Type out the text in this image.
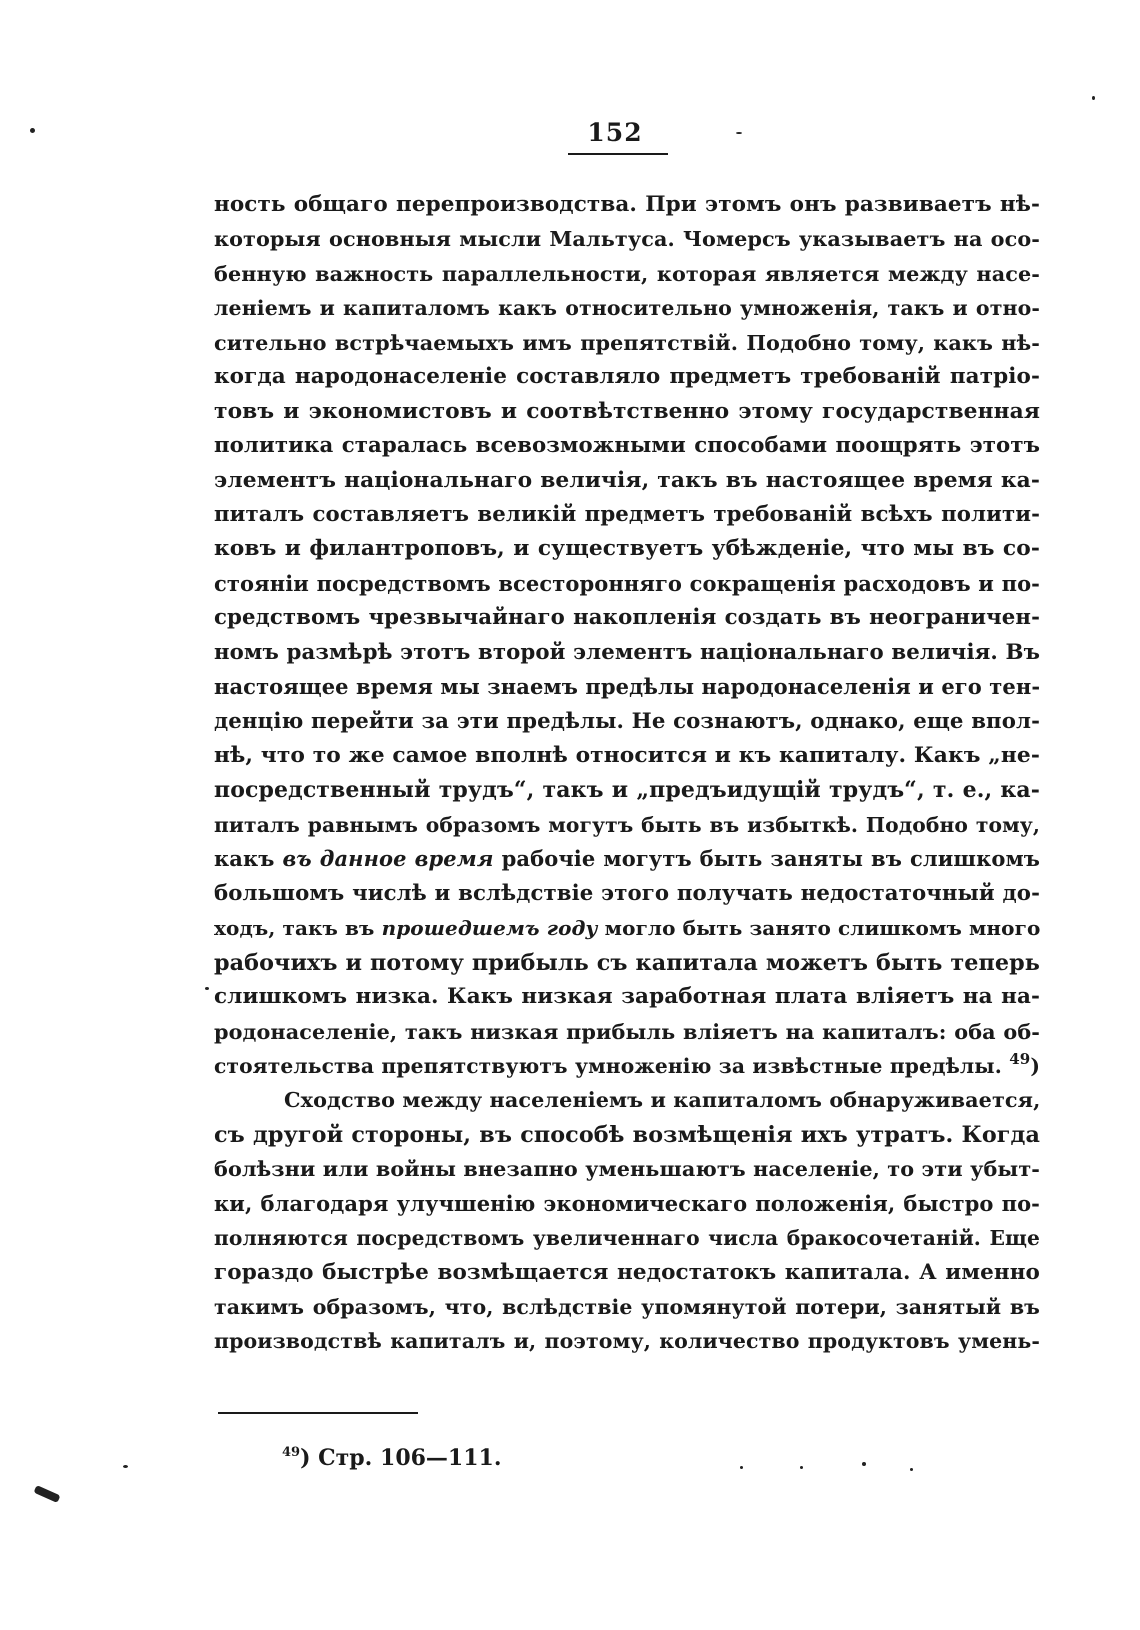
152
ность общаго перепроизводства. При этомъ онъ развиваетъ нѣ-
которыя основныя мысли Мальтуса. Чомерсъ указываетъ на осо-
бенную важность параллельности, которая является между насе-
леніемъ и капиталомъ какъ относительно умноженія, такъ и отно-
сительно встрѣчаемыхъ имъ препятствій. Подобно тому, какъ нѣ-
когда народонаселеніе составляло предметъ требованій патріо-
товъ и экономистовъ и соотвѣтственно этому государственная
политика старалась всевозможными способами поощрять этотъ
элементъ національнаго величія, такъ въ настоящее время ка-
питалъ составляетъ великій предметъ требованій всѣхъ полити-
ковъ и филантроповъ, и существуетъ убѣжденіе, что мы въ со-
стояніи посредствомъ всесторонняго сокращенія расходовъ и по-
средствомъ чрезвычайнаго накопленія создать въ неограничен-
номъ размѣрѣ этотъ второй элементъ національнаго величія. Въ
настоящее время мы знаемъ предѣлы народонаселенія и его тен-
денцію перейти за эти предѣлы. Не сознаютъ, однако, еще впол-
нѣ, что то же самое вполнѣ относится и къ капиталу. Какъ „не-
посредственный трудъ“, такъ и „предъидущій трудъ“, т. е., ка-
питалъ равнымъ образомъ могутъ быть въ избыткѣ. Подобно тому,
какъ въ данное время рабочіе могутъ быть заняты въ слишкомъ
большомъ числѣ и вслѣдствіе этого получать недостаточный до-
ходъ, такъ въ прошедшемъ году могло быть занято слишкомъ много
рабочихъ и потому прибыль съ капитала можетъ быть теперь
слишкомъ низка. Какъ низкая заработная плата вліяетъ на на-
родонаселеніе, такъ низкая прибыль вліяетъ на капиталъ: оба об-
стоятельства препятствуютъ умноженію за извѣстные предѣлы. $^{49}$)
Сходство между населеніемъ и капиталомъ обнаруживается,
съ другой стороны, въ способѣ возмѣщенія ихъ утратъ. Когда
болѣзни или войны внезапно уменьшаютъ населеніе, то эти убыт-
ки, благодаря улучшенію экономическаго положенія, быстро по-
полняются посредствомъ увеличеннаго числа бракосочетаній. Еще
гораздо быстрѣе возмѣщается недостатокъ капитала. А именно
такимъ образомъ, что, вслѣдствіе упомянутой потери, занятый въ
производствѣ капиталъ и, поэтому, количество продуктовъ умень-
$^{49}$) Стр. 106—111.
